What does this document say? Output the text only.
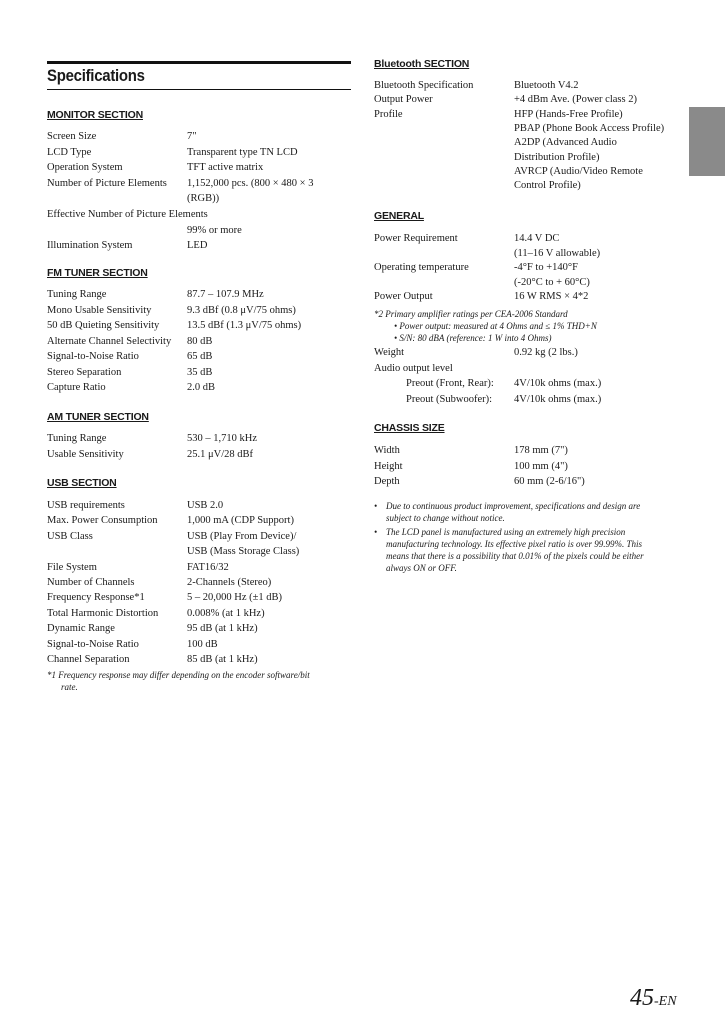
Specifications
MONITOR SECTION
Screen Size	7"
LCD Type	Transparent type TN LCD
Operation System	TFT active matrix
Number of Picture Elements 1,152,000 pcs. (800 × 480 × 3
(RGB))
Effective Number of Picture Elements
99% or more
Illumination System	LED
FM TUNER SECTION
Tuning Range	87.7 – 107.9 MHz
Mono Usable Sensitivity	9.3 dBf (0.8 μV/75 ohms)
50 dB Quieting Sensitivity	13.5 dBf (1.3 μV/75 ohms)
Alternate Channel Selectivity 80 dB
Signal-to-Noise Ratio	65 dB
Stereo Separation	35 dB
Capture Ratio	2.0 dB
AM TUNER SECTION
Tuning Range	530 – 1,710 kHz
Usable Sensitivity	25.1 μV/28 dBf
USB SECTION
USB requirements	USB 2.0
Max. Power Consumption	1,000 mA (CDP Support)
USB Class	USB (Play From Device)/
USB (Mass Storage Class)
File System	FAT16/32
Number of Channels	2-Channels (Stereo)
Frequency Response*1	5 – 20,000 Hz (±1 dB)
Total Harmonic Distortion	0.008% (at 1 kHz)
Dynamic Range	95 dB (at 1 kHz)
Signal-to-Noise Ratio	100 dB
Channel Separation	85 dB (at 1 kHz)
*1 Frequency response may differ depending on the encoder software/bit
rate.
Bluetooth SECTION
Bluetooth Specification	Bluetooth V4.2
Output Power	+4 dBm Ave. (Power class 2)
Profile	HFP (Hands-Free Profile)
PBAP (Phone Book Access Profile)
A2DP (Advanced Audio
Distribution Profile)
AVRCP (Audio/Video Remote
Control Profile)
GENERAL
Power Requirement	14.4 V DC
(11–16 V allowable)
Operating temperature	-4°F to +140°F
(-20°C to + 60°C)
Power Output	16 W RMS × 4*2
*2 Primary amplifier ratings per CEA-2006 Standard
• Power output: measured at 4 Ohms and ≤ 1% THD+N
• S/N: 80 dBA (reference: 1 W into 4 Ohms)
Weight	0.92 kg (2 lbs.)
Audio output level
Preout (Front, Rear): 4V/10k ohms (max.)
Preout (Subwoofer): 4V/10k ohms (max.)
CHASSIS SIZE
Width	178 mm (7")
Height	100 mm (4")
Depth	60 mm (2-6/16")
• Due to continuous product improvement, specifications and design are
subject to change without notice.
• The LCD panel is manufactured using an extremely high precision
manufacturing technology. Its effective pixel ratio is over 99.99%. This
means that there is a possibility that 0.01% of the pixels could be either
always ON or OFF.
45-EN
